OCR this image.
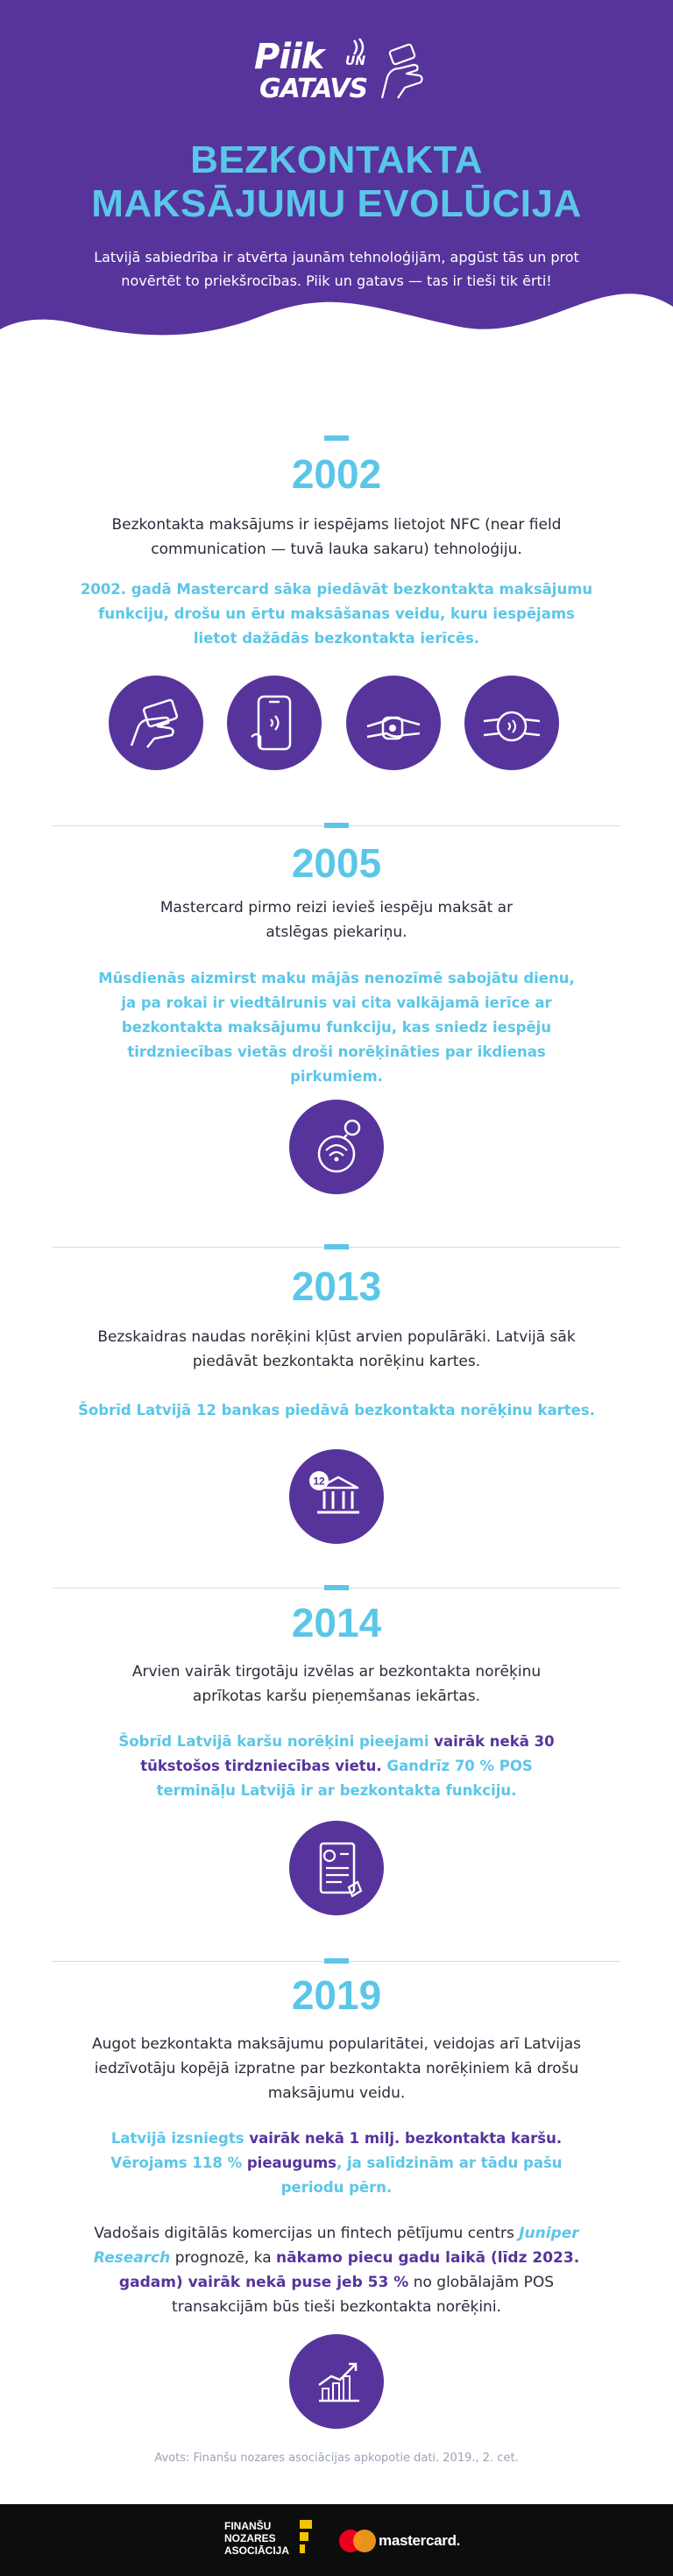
Piik UN
GATAVS
BEZKONTAKTA
MAKSĀJUMU EVOLŪCIJA
Latvijā sabiedrība ir atvērta jaunām tehnoloģijām, apgūst tās un prot novērtēt to priekšrocības. Piik un gatavs — tas ir tieši tik ērti!
2002
Bezkontakta maksājums ir iespējams lietojot NFC (near field communication — tuvā lauka sakaru) tehnoloģiju.
2002. gadā Mastercard sāka piedāvāt bezkontakta maksājumu funkciju, drošu un ērtu maksāšanas veidu, kuru iespējams lietot dažādās bezkontakta ierīcēs.
2005
Mastercard pirmo reizi ievieš iespēju maksāt ar atslēgas piekariņu.
Mūsdienās aizmirst maku mājās nenozīmē sabojātu dienu, ja pa rokai ir viedtālrunis vai cita valkājamā ierīce ar bezkontakta maksājumu funkciju, kas sniedz iespēju tirdzniecības vietās droši norēķināties par ikdienas pirkumiem.
2013
Bezskaidras naudas norēķini kļūst arvien populārāki. Latvijā sāk piedāvāt bezkontakta norēķinu kartes.
Šobrīd Latvijā 12 bankas piedāvā bezkontakta norēķinu kartes.
12
2014
Arvien vairāk tirgotāju izvēlas ar bezkontakta norēķinu aprīkotas karšu pieņemšanas iekārtas.
Šobrīd Latvijā karšu norēķini pieejami vairāk nekā 30 tūkstošos tirdzniecības vietu. Gandrīz 70 % POS termināļu Latvijā ir ar bezkontakta funkciju.
2019
Augot bezkontakta maksājumu popularitātei, veidojas arī Latvijas iedzīvotāju kopējā izpratne par bezkontakta norēķiniem kā drošu maksājumu veidu.
Latvijā izsniegts vairāk nekā 1 milj. bezkontakta karšu. Vērojams 118 % pieaugums, ja salīdzinām ar tādu pašu periodu pērn.
Vadošais digitālās komercijas un fintech pētījumu centrs Juniper Research prognozē, ka nākamo piecu gadu laikā (līdz 2023. gadam) vairāk nekā puse jeb 53 % no globālajām POS transakcijām būs tieši bezkontakta norēķini.
Avots: Finanšu nozares asociācijas apkopotie dati. 2019., 2. cet.
FINANŠU
NOZARES
ASOCIĀCIJA
mastercard.
